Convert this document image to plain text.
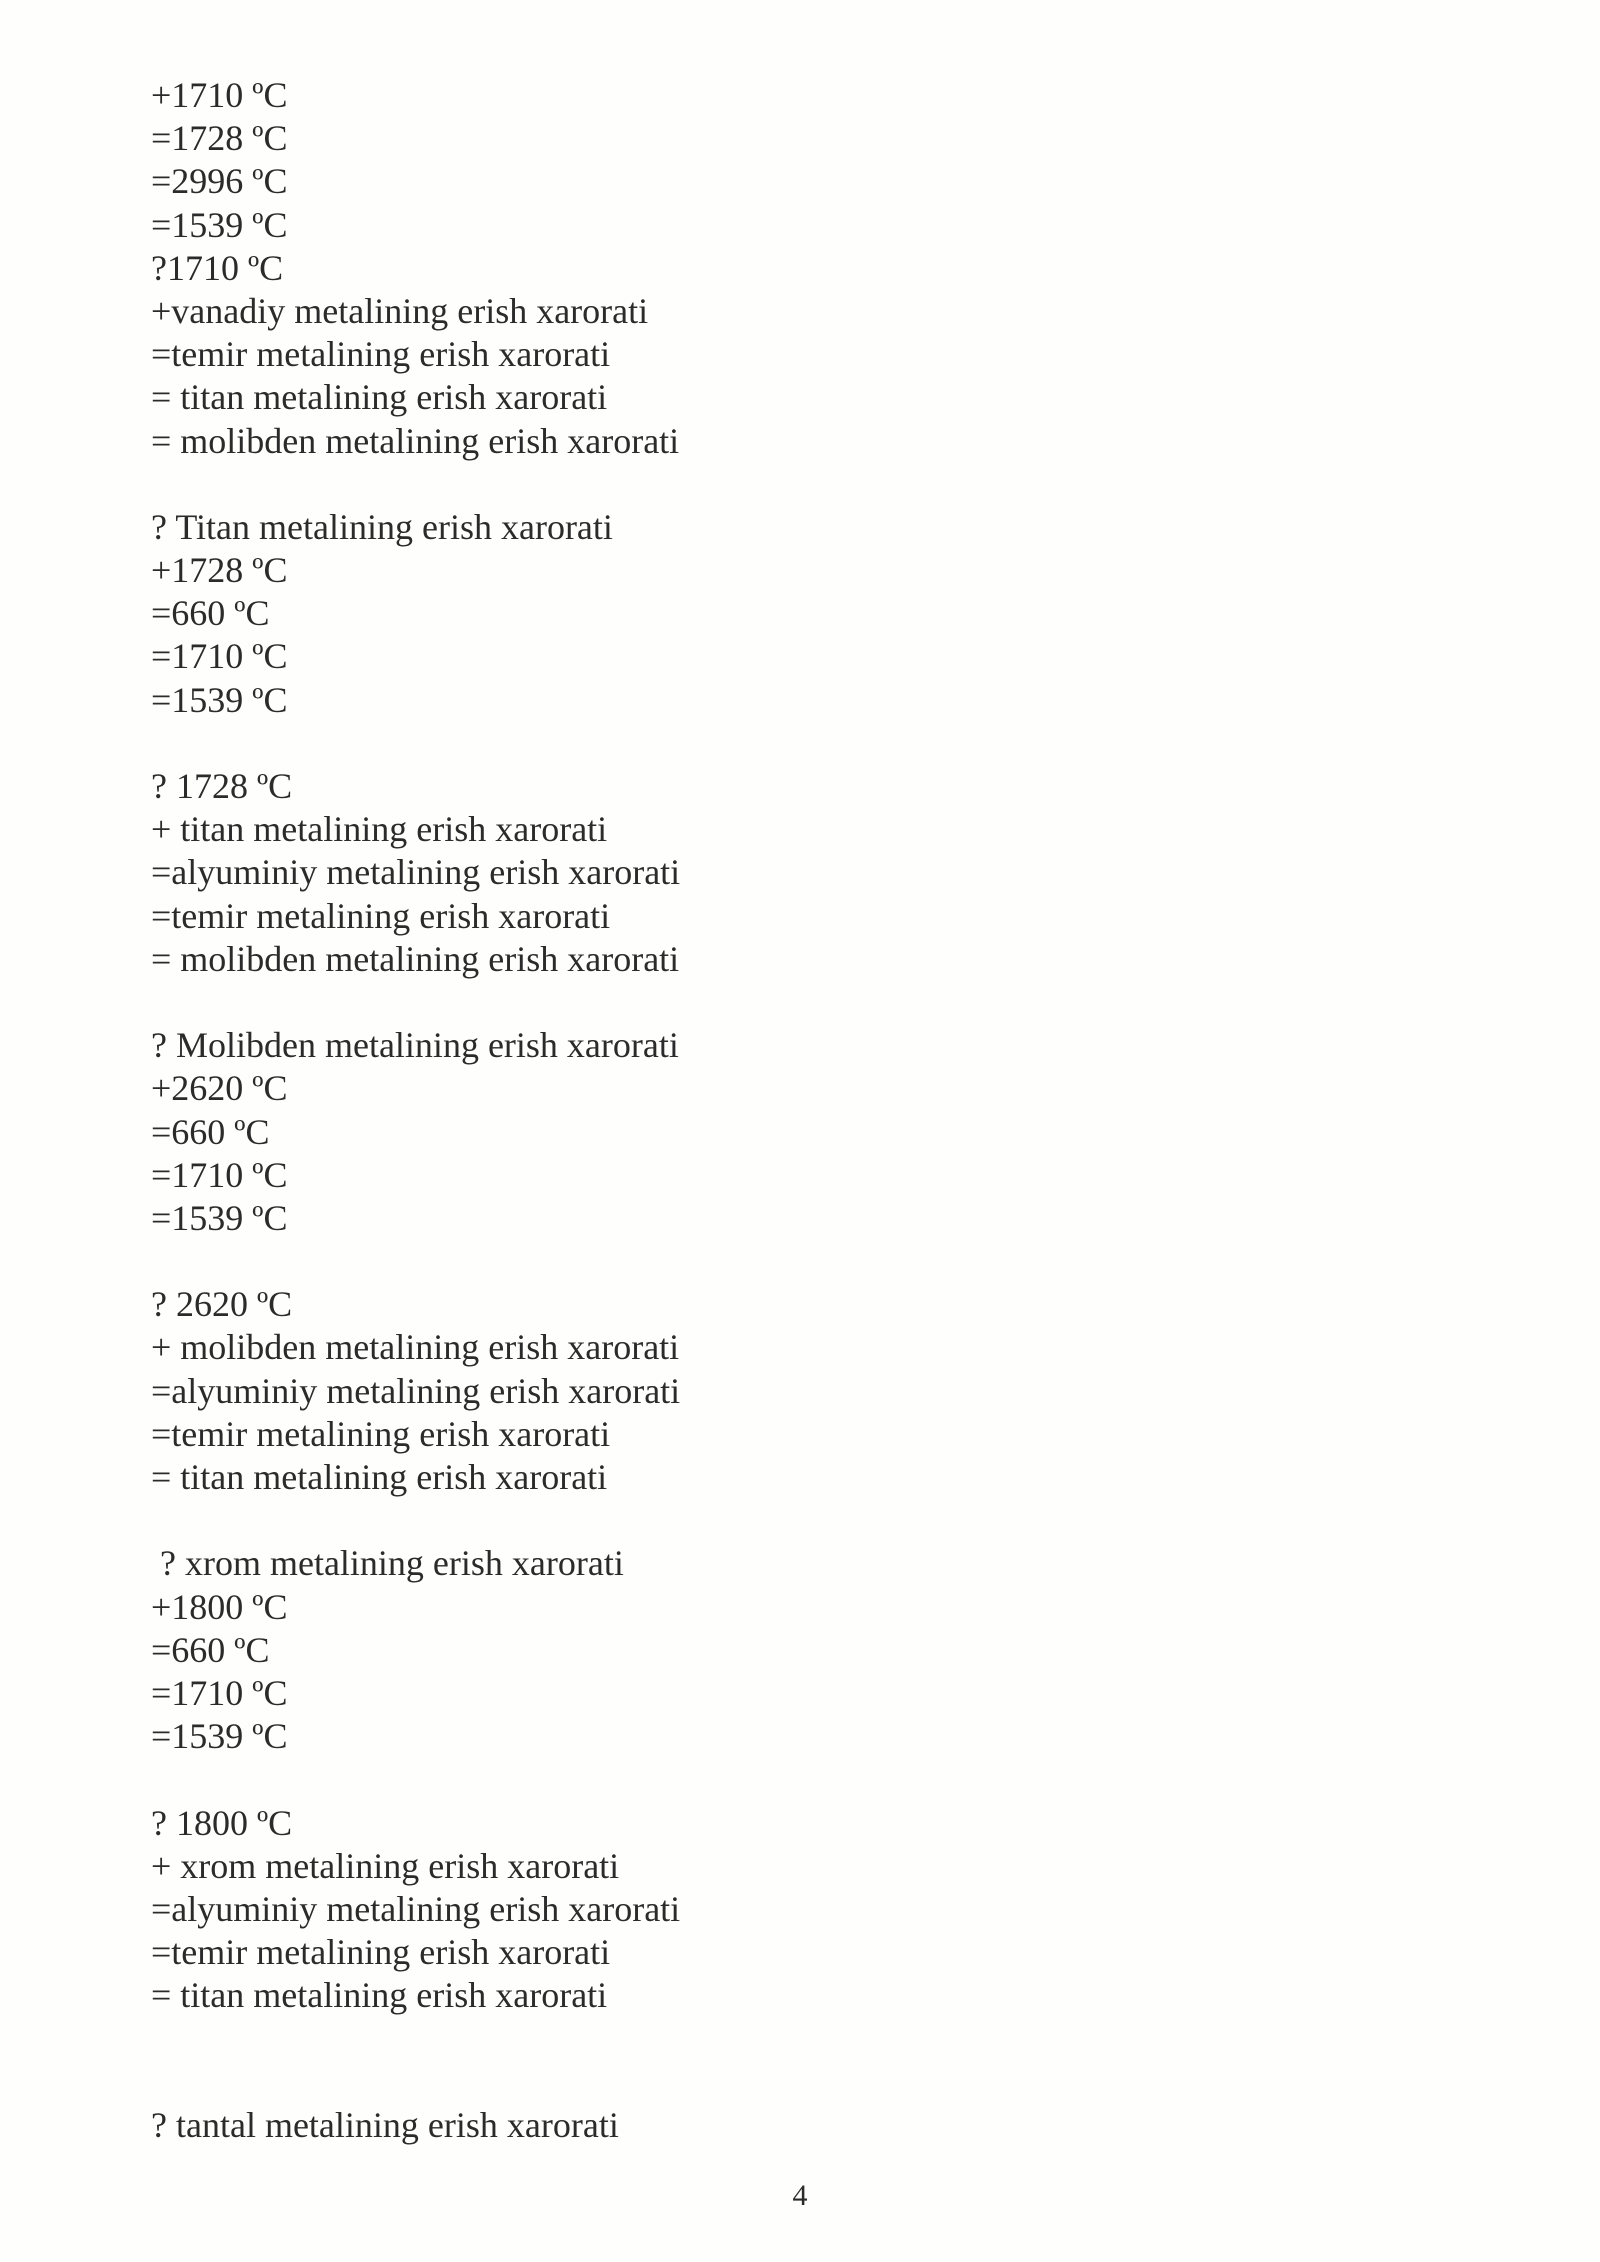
+1710 ºC
=1728 ºC
=2996 ºC
=1539 ºC
?1710 ºC
+vanadiy metalining erish xarorati
=temir metalining erish xarorati
= titan metalining erish xarorati
= molibden metalining erish xarorati
? Titan metalining erish xarorati
+1728 ºC
=660 ºC
=1710 ºC
=1539 ºC
? 1728 ºC
+ titan metalining erish xarorati
=alyuminiy metalining erish xarorati
=temir metalining erish xarorati
= molibden metalining erish xarorati
? Molibden metalining erish xarorati
+2620 ºC
=660 ºC
=1710 ºC
=1539 ºC
? 2620 ºC
+ molibden metalining erish xarorati
=alyuminiy metalining erish xarorati
=temir metalining erish xarorati
= titan metalining erish xarorati
? xrom metalining erish xarorati
+1800 ºC
=660 ºC
=1710 ºC
=1539 ºC
? 1800 ºC
+ xrom metalining erish xarorati
=alyuminiy metalining erish xarorati
=temir metalining erish xarorati
= titan metalining erish xarorati
? tantal metalining erish xarorati
4
